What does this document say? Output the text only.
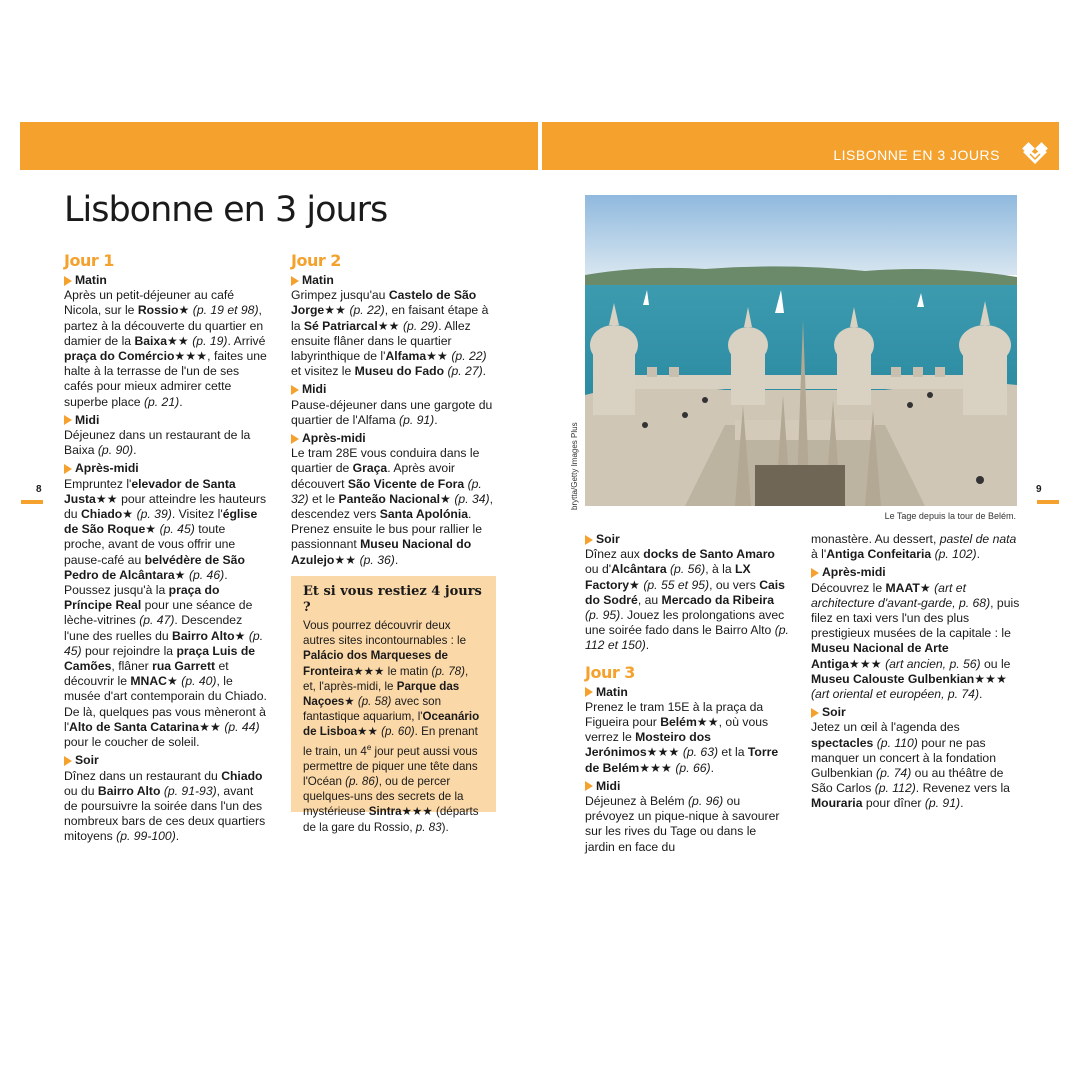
LISBONNE EN 3 JOURS
8	9
Lisbonne en 3 jours
Jour 1
Matin

Après un petit-déjeuner au café Nicola, sur le Rossio★ (p. 19 et 98), partez à la découverte du quartier en damier de la Baixa★★ (p. 19). Arrivé praça do Comércio★★★, faites une halte à la terrasse de l'un de ses cafés pour mieux admirer cette superbe place (p. 21).

Midi

Déjeunez dans un restaurant de la Baixa (p. 90).

Après-midi

Empruntez l'elevador de Santa Justa★★ pour atteindre les hauteurs du Chiado★ (p. 39). Visitez l'église de São Roque★ (p. 45) toute proche, avant de vous offrir une pause-café au belvédère de São Pedro de Alcântara★ (p. 46). Poussez jusqu'à la praça do Príncipe Real pour une séance de lèche-vitrines (p. 47). Descendez l'une des ruelles du Bairro Alto★ (p. 45) pour rejoindre la praça Luis de Camões, flâner rua Garrett et découvrir le MNAC★ (p. 40), le musée d'art contemporain du Chiado. De là, quelques pas vous mèneront à l'Alto de Santa Catarina★★ (p. 44) pour le coucher de soleil.

Soir

Dînez dans un restaurant du Chiado ou du Bairro Alto (p. 91-93), avant de poursuivre la soirée dans l'un des nombreux bars de ces deux quartiers mitoyens (p. 99-100).

Jour 2
Matin

Grimpez jusqu'au Castelo de São Jorge★★ (p. 22), en faisant étape à la Sé Patriarcal★★ (p. 29). Allez ensuite flâner dans le quartier labyrinthique de l'Alfama★★ (p. 22) et visitez le Museu do Fado (p. 27).

Midi

Pause-déjeuner dans une gargote du quartier de l'Alfama (p. 91).

Après-midi

Le tram 28E vous conduira dans le quartier de Graça. Après avoir découvert São Vicente de Fora (p. 32) et le Panteão Nacional★ (p. 34), descendez vers Santa Apolónia. Prenez ensuite le bus pour rallier le passionnant Museu Nacional do Azulejo★★ (p. 36).

Et si vous restiez 4 jours ?

Vous pourrez découvrir deux autres sites incontournables : le Palácio dos Marqueses de Fronteira★★★ le matin (p. 78), et, l'après-midi, le Parque das Naçoes★ (p. 58) avec son fantastique aquarium, l'Oceanário de Lisboa★★ (p. 60). En prenant le train, un 4e jour peut aussi vous permettre de piquer une tête dans l'Océan (p. 86), ou de percer quelques-uns des secrets de la mystérieuse Sintra★★★ (départs de la gare du Rossio, p. 83).

brytta/Getty Images Plus
Le Tage depuis la tour de Belém.
Soir

Dînez aux docks de Santo Amaro ou d'Alcântara (p. 56), à la LX Factory★ (p. 55 et 95), ou vers Cais do Sodré, au Mercado da Ribeira (p. 95). Jouez les prolongations avec une soirée fado dans le Bairro Alto (p. 112 et 150).

Jour 3
Matin

Prenez le tram 15E à la praça da Figueira pour Belém★★, où vous verrez le Mosteiro dos Jerónimos★★★ (p. 63) et la Torre de Belém★★★ (p. 66).

Midi

Déjeunez à Belém (p. 96) ou prévoyez un pique-nique à savourer sur les rives du Tage ou dans le jardin en face du

monastère. Au dessert, pastel de nata à l'Antiga Confeitaria (p. 102).

Après-midi

Découvrez le MAAT★ (art et architecture d'avant-garde, p. 68), puis filez en taxi vers l'un des plus prestigieux musées de la capitale : le Museu Nacional de Arte Antiga★★★ (art ancien, p. 56) ou le Museu Calouste Gulbenkian★★★ (art oriental et européen, p. 74).

Soir

Jetez un œil à l'agenda des spectacles (p. 110) pour ne pas manquer un concert à la fondation Gulbenkian (p. 74) ou au théâtre de São Carlos (p. 112). Revenez vers la Mouraria pour dîner (p. 91).
